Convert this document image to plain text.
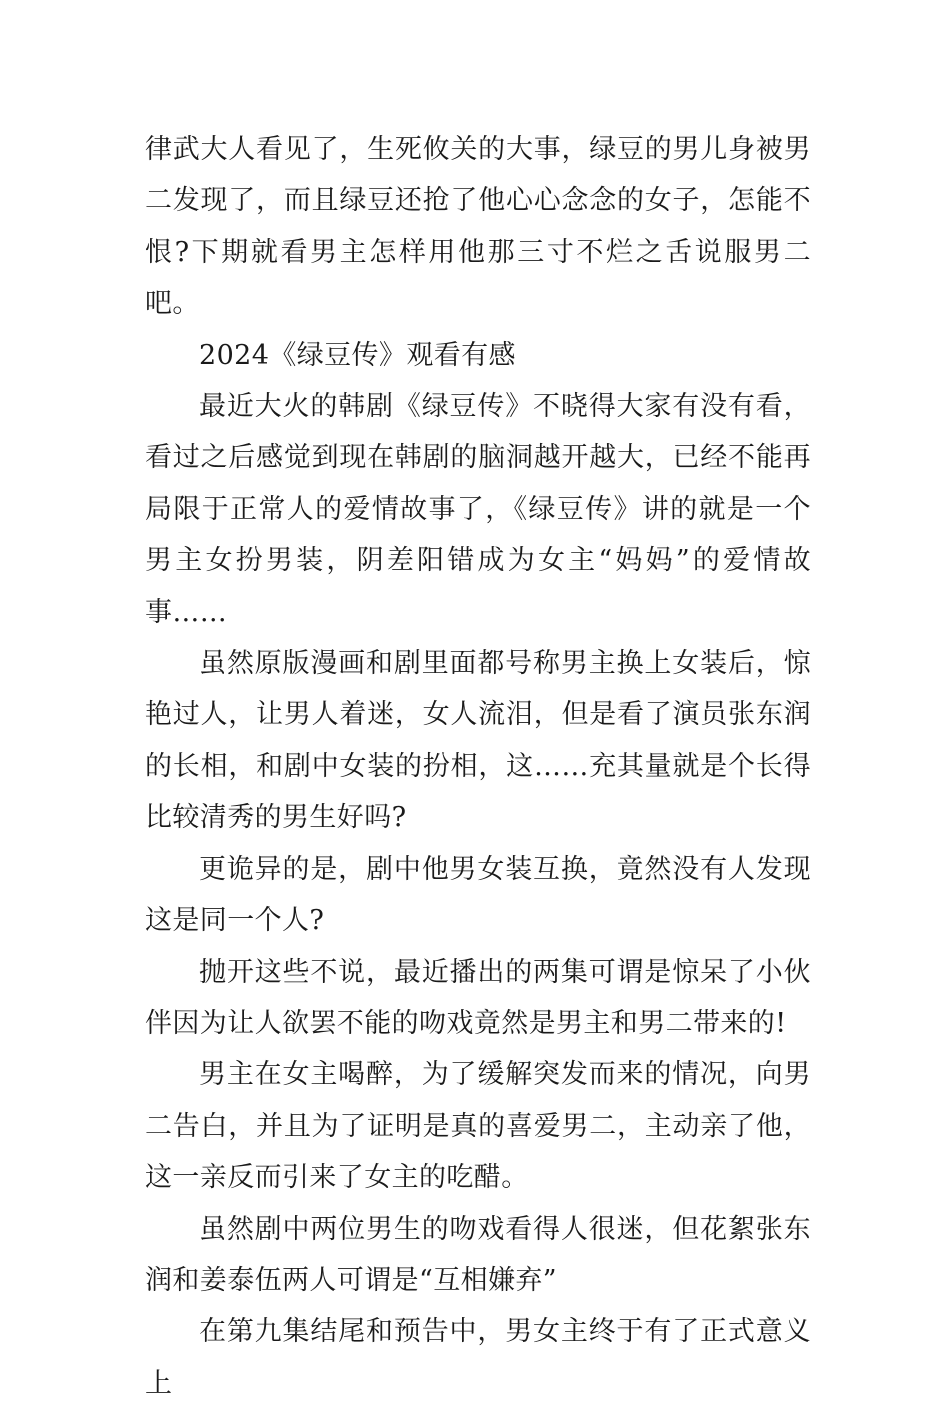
律武大人看见了，生死攸关的大事，绿豆的男儿身被男二发现了，而且绿豆还抢了他心心念念的女子，怎能不恨?下期就看男主怎样用他那三寸不烂之舌说服男二吧。

2024《绿豆传》观看有感

最近大火的韩剧《绿豆传》不晓得大家有没有看，看过之后感觉到现在韩剧的脑洞越开越大，已经不能再局限于正常人的爱情故事了，《绿豆传》讲的就是一个男主女扮男装，阴差阳错成为女主“妈妈”的爱情故事……

虽然原版漫画和剧里面都号称男主换上女装后，惊艳过人，让男人着迷，女人流泪，但是看了演员张东润的长相，和剧中女装的扮相，这……充其量就是个长得比较清秀的男生好吗?

更诡异的是，剧中他男女装互换，竟然没有人发现这是同一个人?

抛开这些不说，最近播出的两集可谓是惊呆了小伙伴因为让人欲罢不能的吻戏竟然是男主和男二带来的!

男主在女主喝醉，为了缓解突发而来的情况，向男二告白，并且为了证明是真的喜爱男二，主动亲了他，这一亲反而引来了女主的吃醋。

虽然剧中两位男生的吻戏看得人很迷，但花絮张东润和姜泰伍两人可谓是“互相嫌弃”

在第九集结尾和预告中，男女主终于有了正式意义上
